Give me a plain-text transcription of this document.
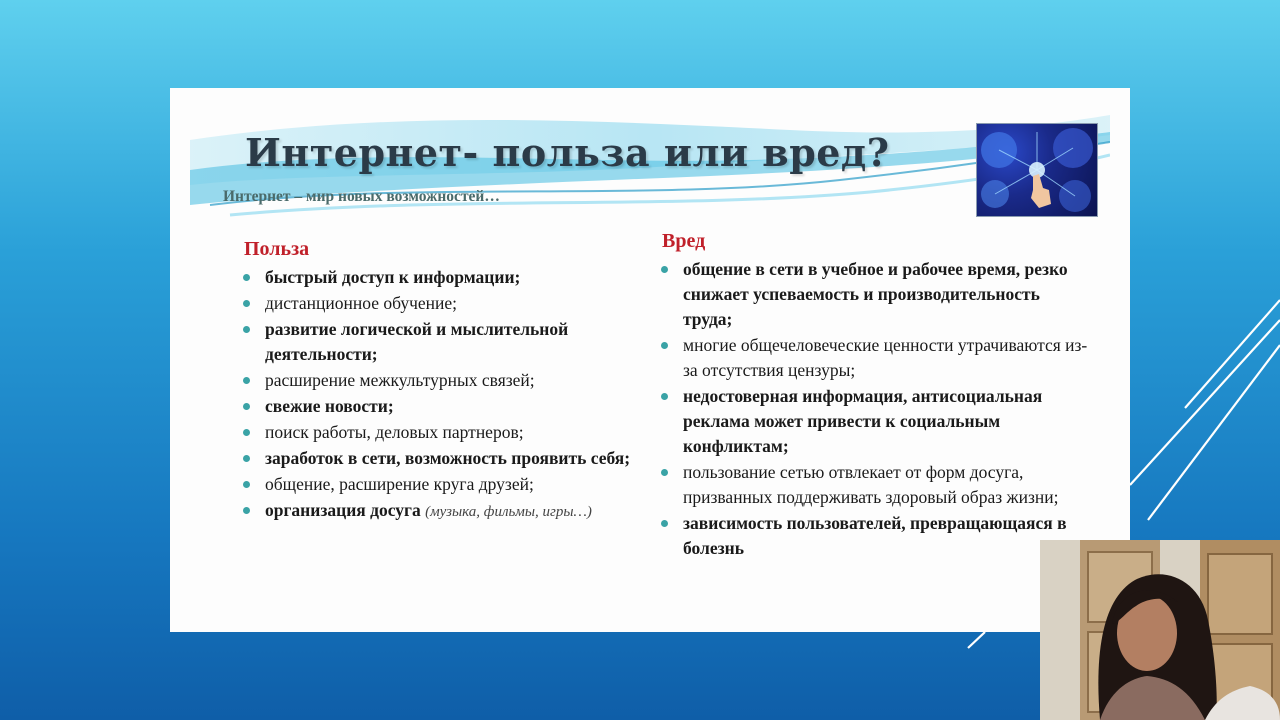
Интернет- польза или вред?
Интернет – мир новых возможностей…
Польза
быстрый доступ к информации;
дистанционное обучение;
развитие логической и мыслительной деятельности;
расширение межкультурных связей;
свежие новости;
поиск работы, деловых партнеров;
заработок в сети, возможность проявить себя;
общение, расширение круга друзей;
организация досуга (музыка, фильмы, игры…)
Вред
общение в сети в учебное и рабочее время, резко снижает успеваемость и производительность труда;
многие общечеловеческие ценности утрачиваются из-за отсутствия цензуры;
недостоверная информация, антисоциальная реклама может привести к социальным конфликтам;
пользование сетью отвлекает от форм досуга, призванных поддерживать здоровый образ жизни;
зависимость пользователей, превращающаяся в болезнь
